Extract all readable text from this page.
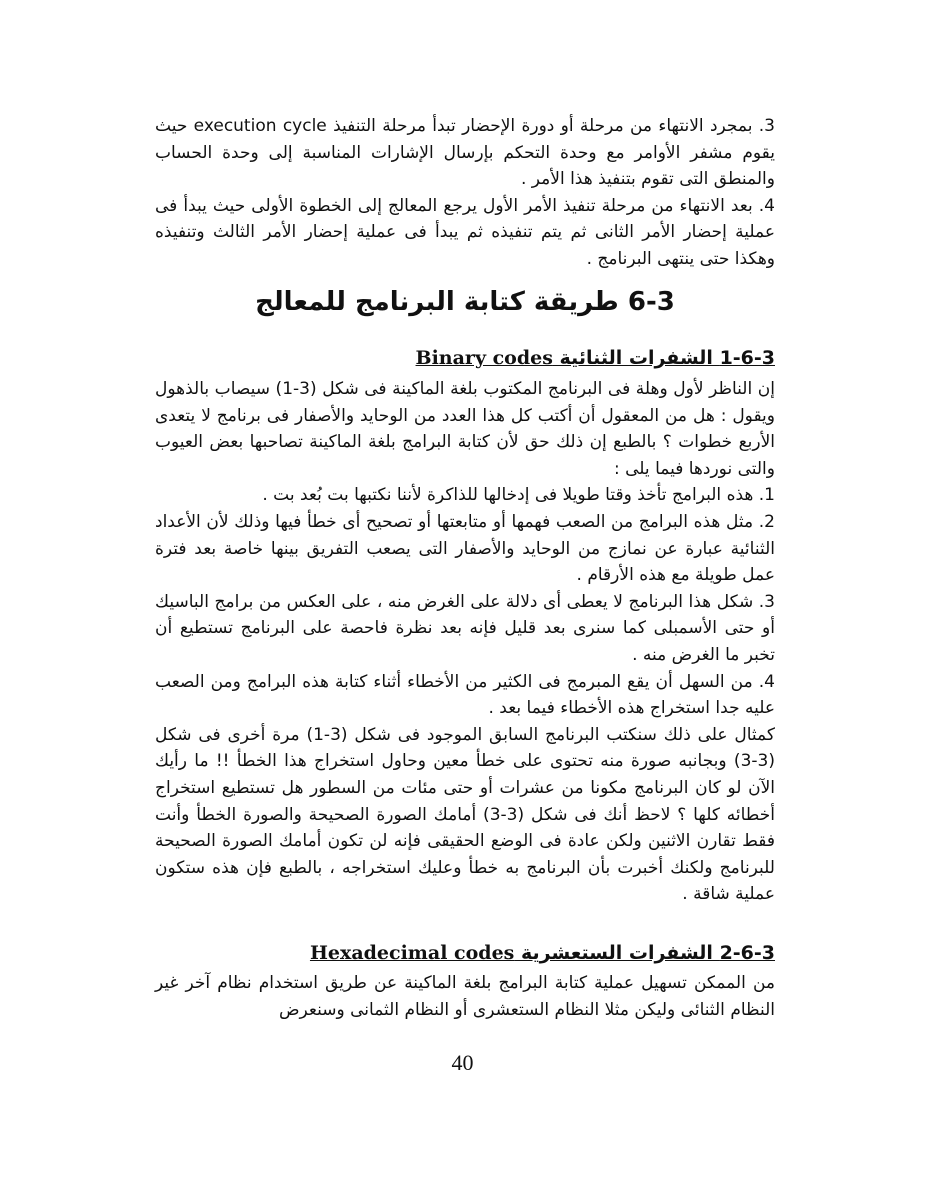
3. بمجرد الانتهاء من مرحلة أو دورة الإحضار تبدأ مرحلة التنفيذ execution cycle حيث يقوم مشفر الأوامر مع وحدة التحكم بإرسال الإشارات المناسبة إلى وحدة الحساب والمنطق التى تقوم بتنفيذ هذا الأمر .

4. بعد الانتهاء من مرحلة تنفيذ الأمر الأول يرجع المعالج إلى الخطوة الأولى حيث يبدأ فى عملية إحضار الأمر الثانى ثم يتم تنفيذه ثم يبدأ فى عملية إحضار الأمر الثالث وتنفيذه وهكذا حتى ينتهى البرنامج .

6-3 طريقة كتابة البرنامج للمعالج
1-6-3 الشفرات الثنائية Binary codes

إن الناظر لأول وهلة فى البرنامج المكتوب بلغة الماكينة فى شكل (3-1) سيصاب بالذهول ويقول : هل من المعقول أن أكتب كل هذا العدد من الوحايد والأصفار فى برنامج لا يتعدى الأربع خطوات ؟ بالطبع إن ذلك حق لأن كتابة البرامج بلغة الماكينة تصاحبها بعض العيوب والتى نوردها فيما يلى :

1. هذه البرامج تأخذ وقتا طويلا فى إدخالها للذاكرة لأننا نكتبها بت بُعد بت .

2. مثل هذه البرامج من الصعب فهمها أو متابعتها أو تصحيح أى خطأ فيها وذلك لأن الأعداد الثنائية عبارة عن نمازج من الوحايد والأصفار التى يصعب التفريق بينها خاصة بعد فترة عمل طويلة مع هذه الأرقام .

3. شكل هذا البرنامج لا يعطى أى دلالة على الغرض منه ، على العكس من برامج الباسيك أو حتى الأسمبلى كما سنرى بعد قليل فإنه بعد نظرة فاحصة على البرنامج تستطيع أن تخبر ما الغرض منه .

4. من السهل أن يقع المبرمج فى الكثير من الأخطاء أثناء كتابة هذه البرامج ومن الصعب عليه جدا استخراج هذه الأخطاء فيما بعد .

كمثال على ذلك سنكتب البرنامج السابق الموجود فى شكل (3-1) مرة أخرى فى شكل (3-3) وبجانبه صورة منه تحتوى على خطأ معين وحاول استخراج هذا الخطأ !! ما رأيك الآن لو كان البرنامج مكونا من عشرات أو حتى مئات من السطور هل تستطيع استخراج أخطائه كلها ؟ لاحظ أنك فى شكل (3-3) أمامك الصورة الصحيحة والصورة الخطأ وأنت فقط تقارن الاثنين ولكن عادة فى الوضع الحقيقى فإنه لن تكون أمامك الصورة الصحيحة للبرنامج ولكنك أخبرت بأن البرنامج به خطأ وعليك استخراجه ، بالطبع فإن هذه ستكون عملية شاقة .

2-6-3 الشفرات الستعشرية Hexadecimal codes

من الممكن تسهيل عملية كتابة البرامج بلغة الماكينة عن طريق استخدام نظام آخر غير النظام الثنائى وليكن مثلا النظام الستعشرى أو النظام الثمانى وسنعرض

40
